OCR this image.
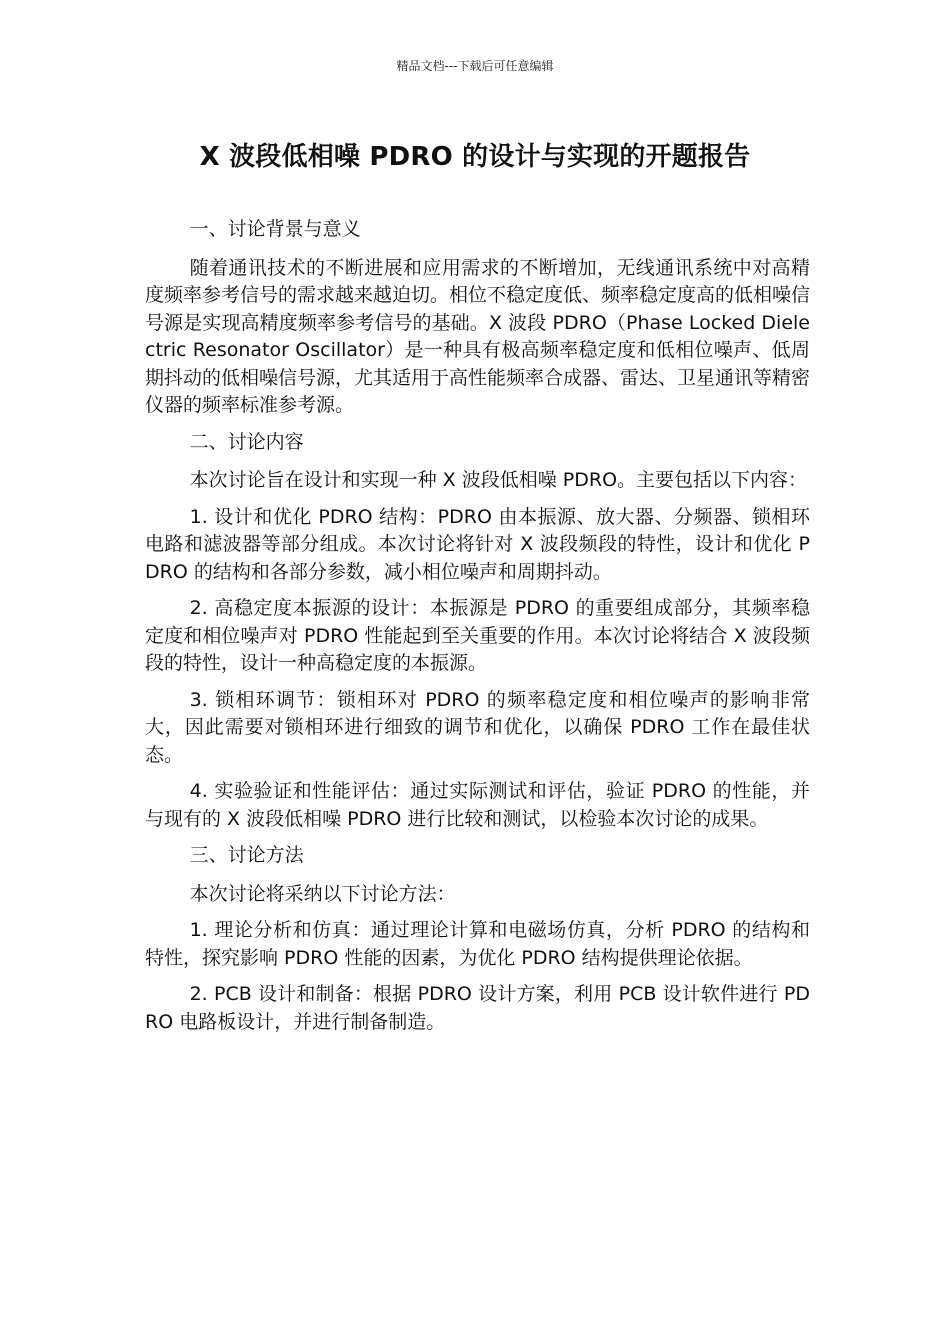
精品文档---下载后可任意编辑
X 波段低相噪 PDRO 的设计与实现的开题报告

一、讨论背景与意义

随着通讯技术的不断进展和应用需求的不断增加，无线通讯系统中对高精度频率参考信号的需求越来越迫切。相位不稳定度低、频率稳定度高的低相噪信号源是实现高精度频率参考信号的基础。X 波段 PDRO（Phase Locked Dielectric Resonator Oscillator）是一种具有极高频率稳定度和低相位噪声、低周期抖动的低相噪信号源，尤其适用于高性能频率合成器、雷达、卫星通讯等精密仪器的频率标准参考源。

二、讨论内容

本次讨论旨在设计和实现一种 X 波段低相噪 PDRO。主要包括以下内容：

1. 设计和优化 PDRO 结构：PDRO 由本振源、放大器、分频器、锁相环电路和滤波器等部分组成。本次讨论将针对 X 波段频段的特性，设计和优化 PDRO 的结构和各部分参数，减小相位噪声和周期抖动。

2. 高稳定度本振源的设计：本振源是 PDRO 的重要组成部分，其频率稳定度和相位噪声对 PDRO 性能起到至关重要的作用。本次讨论将结合 X 波段频段的特性，设计一种高稳定度的本振源。

3. 锁相环调节：锁相环对 PDRO 的频率稳定度和相位噪声的影响非常大，因此需要对锁相环进行细致的调节和优化，以确保 PDRO 工作在最佳状态。

4. 实验验证和性能评估：通过实际测试和评估，验证 PDRO 的性能，并与现有的 X 波段低相噪 PDRO 进行比较和测试，以检验本次讨论的成果。

三、讨论方法

本次讨论将采纳以下讨论方法：

1. 理论分析和仿真：通过理论计算和电磁场仿真，分析 PDRO 的结构和特性，探究影响 PDRO 性能的因素，为优化 PDRO 结构提供理论依据。

2. PCB 设计和制备：根据 PDRO 设计方案，利用 PCB 设计软件进行 PDRO 电路板设计，并进行制备制造。
